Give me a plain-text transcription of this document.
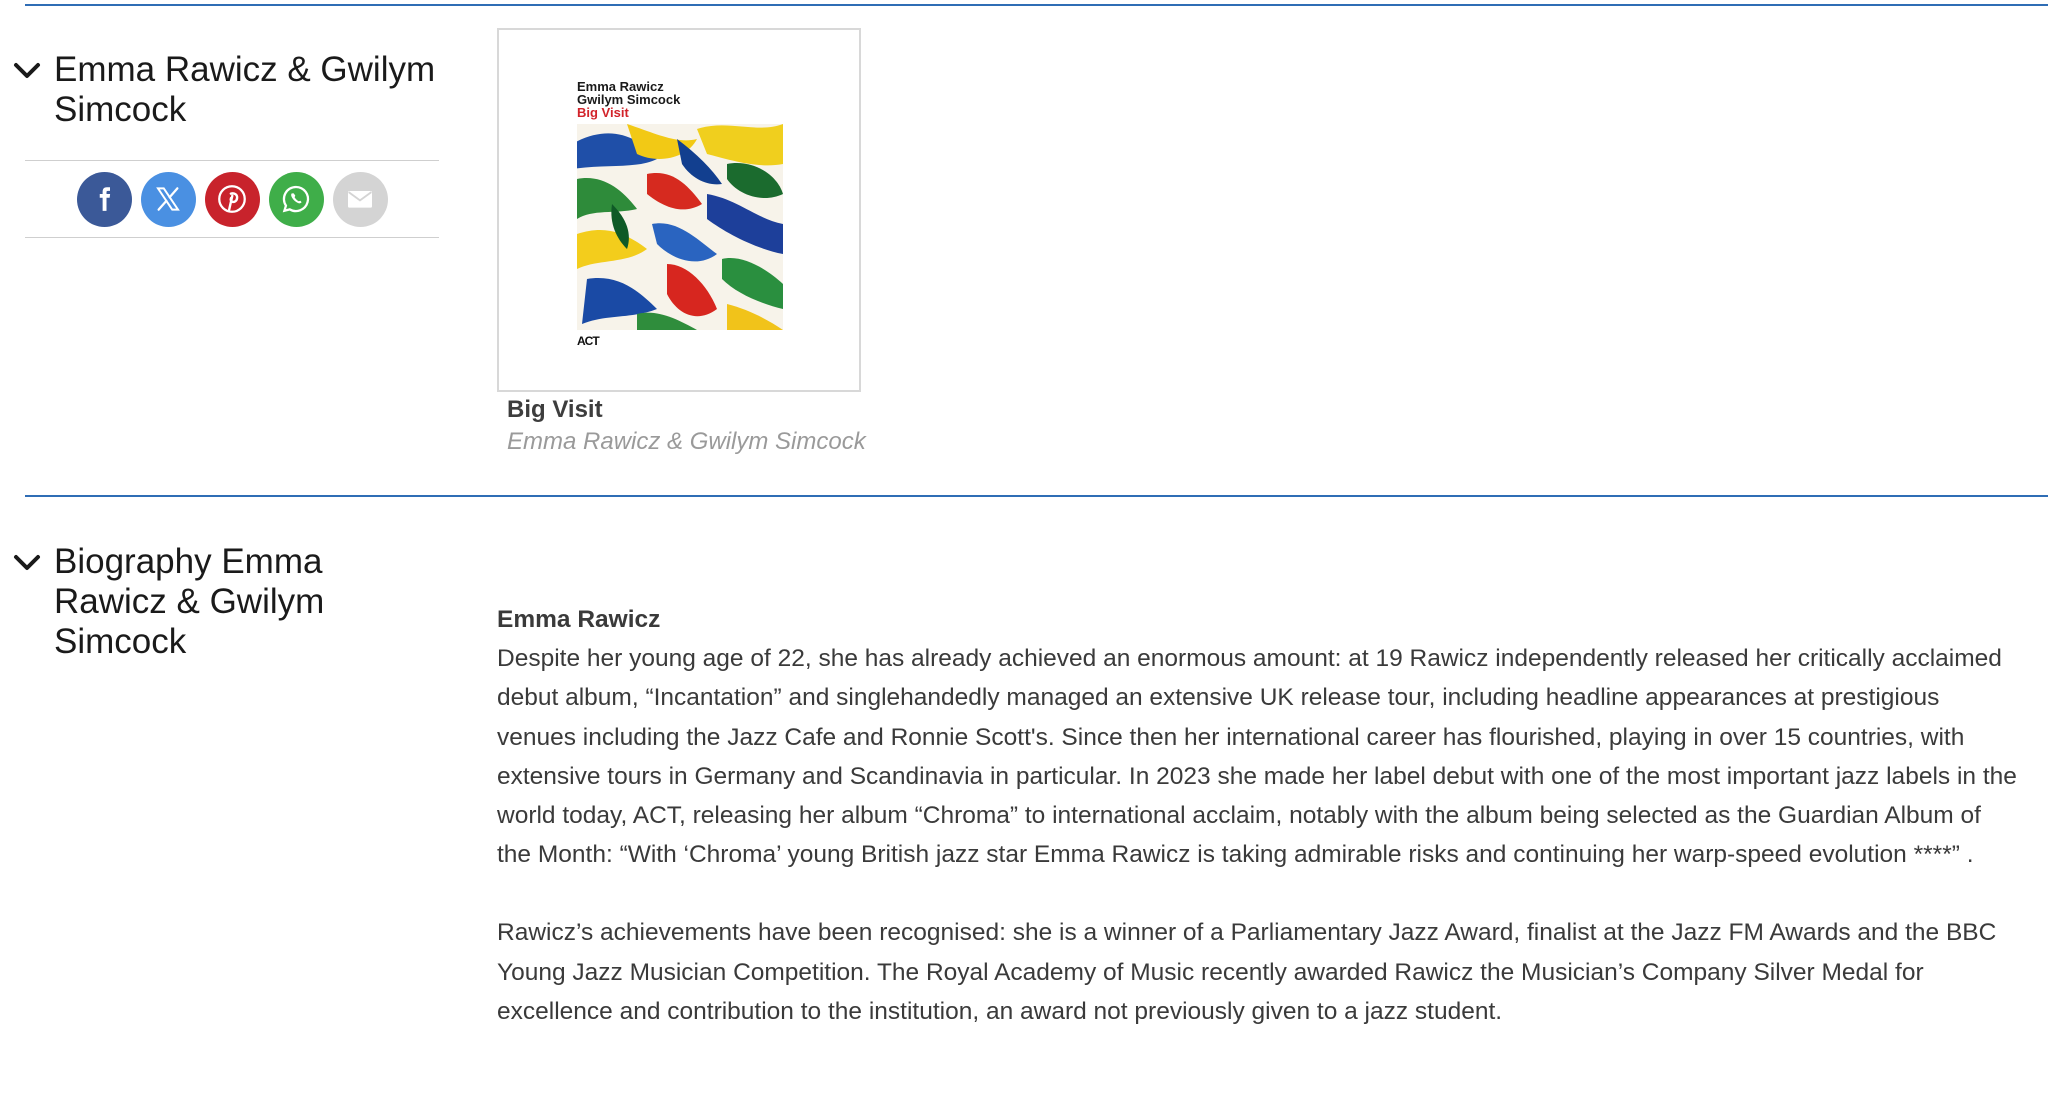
Emma Rawicz & Gwilym Simcock
Emma Rawicz
Gwilym Simcock
Big Visit
ACT
Big Visit
Emma Rawicz & Gwilym Simcock
Biography Emma Rawicz & Gwilym Simcock
Emma Rawicz

Despite her young age of 22, she has already achieved an enormous amount: at 19 Rawicz independently released her critically acclaimed debut album, “Incantation” and singlehandedly managed an extensive UK release tour, including headline appearances at prestigious venues including the Jazz Cafe and Ronnie Scott's. Since then her international career has flourished, playing in over 15 countries, with extensive tours in Germany and Scandinavia in particular. In 2023 she made her label debut with one of the most important jazz labels in the world today, ACT, releasing her album “Chroma” to international acclaim, notably with the album being selected as the Guardian Album of the Month: “With ‘Chroma’ young British jazz star Emma Rawicz is taking admirable risks and continuing her warp-speed evolution ****” .

Rawicz’s achievements have been recognised: she is a winner of a Parliamentary Jazz Award, finalist at the Jazz FM Awards and the BBC Young Jazz Musician Competition. The Royal Academy of Music recently awarded Rawicz the Musician’s Company Silver Medal for excellence and contribution to the institution, an award not previously given to a jazz student.
